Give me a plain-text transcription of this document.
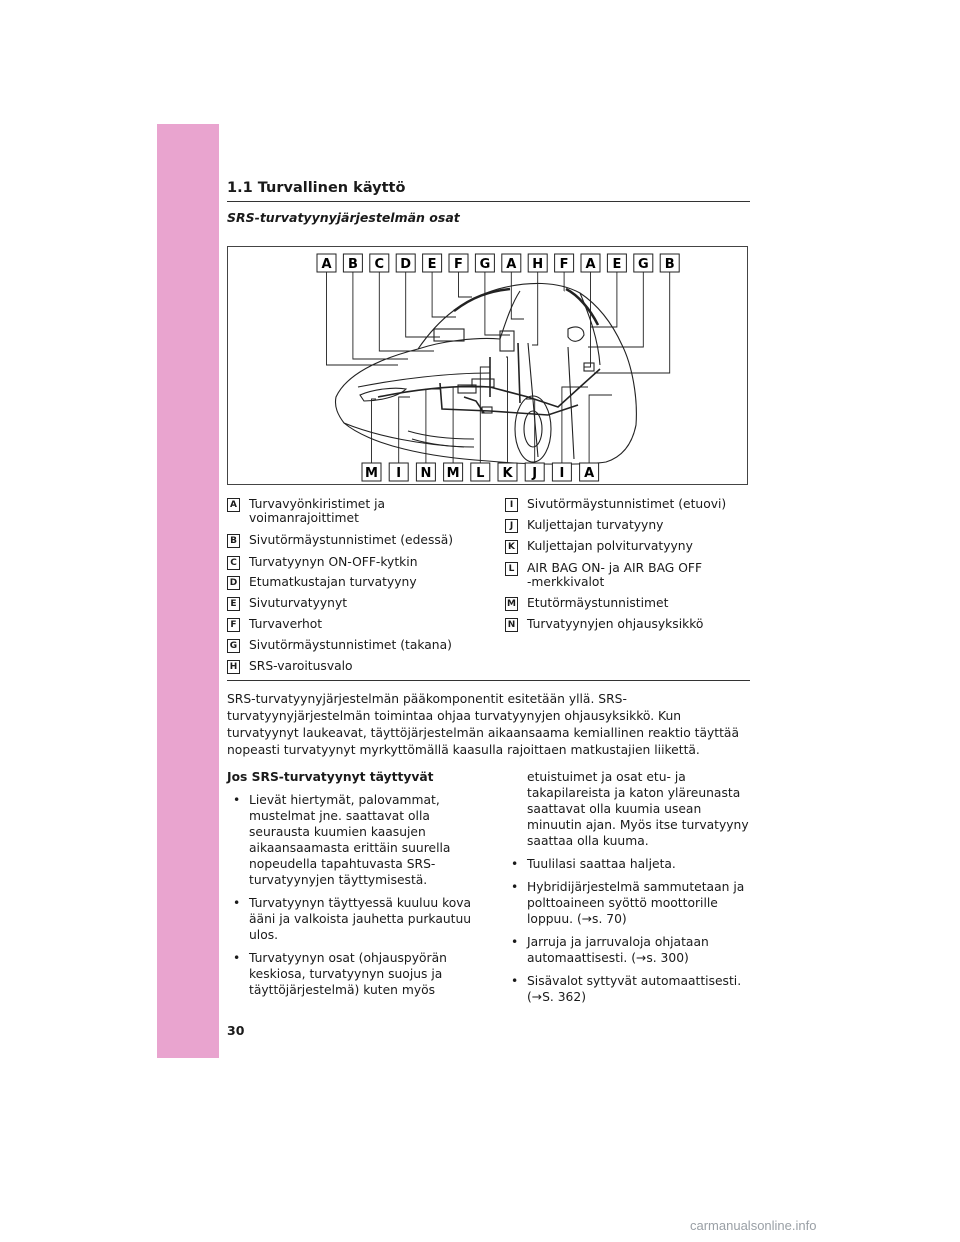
1.1 Turvallinen käyttö
SRS-turvatyynyjärjestelmän osat
A B C D E F G A H F A E G B
M I N M L K J I A
A Turvavyönkiristimet ja
voimanrajoittimet
B Sivutörmäystunnistimet (edessä)
C Turvatyynyn ON-OFF-kytkin
D Etumatkustajan turvatyyny
E Sivuturvatyynyt
F Turvaverhot
G Sivutörmäystunnistimet (takana)
H SRS-varoitusvalo
I	Sivutörmäystunnistimet (etuovi)
J	Kuljettajan turvatyyny
K Kuljettajan polviturvatyyny
L AIR BAG ON- ja AIR BAG OFF
-merkkivalot
M Etutörmäystunnistimet
N Turvatyynyjen ohjausyksikkö
SRS-turvatyynyjärjestelmän pääkomponentit esitetään yllä. SRS-turvatyynyjärjestelmän toimintaa ohjaa turvatyynyjen ohjausyksikkö. Kun turvatyynyt laukeavat, täyttöjärjestelmän aikaansaama kemiallinen reaktio täyttää nopeasti turvatyynyt myrkyttömällä kaasulla rajoittaen matkustajien liikettä.
Jos SRS-turvatyynyt täyttyvät
• Lievät hiertymät, palovammat, mustelmat jne. saattavat olla seurausta kuumien kaasujen aikaansaamasta erittäin suurella nopeudella tapahtuvasta SRS-turvatyynyjen täyttymisestä.
• Turvatyynyn täyttyessä kuuluu kova ääni ja valkoista jauhetta purkautuu ulos.
• Turvatyynyn osat (ohjauspyörän keskiosa, turvatyynyn suojus ja täyttöjärjestelmä) kuten myös
etuistuimet ja osat etu- ja takapilareista ja katon yläreunasta saattavat olla kuumia usean minuutin ajan. Myös itse turvatyyny saattaa olla kuuma.
• Tuulilasi saattaa haljeta.
• Hybridijärjestelmä sammutetaan ja polttoaineen syöttö moottorille loppuu. (→s. 70)
• Jarruja ja jarruvaloja ohjataan automaattisesti. (→s. 300)
• Sisävalot syttyvät automaattisesti. (→S. 362)
30
carmanualsonline.info
